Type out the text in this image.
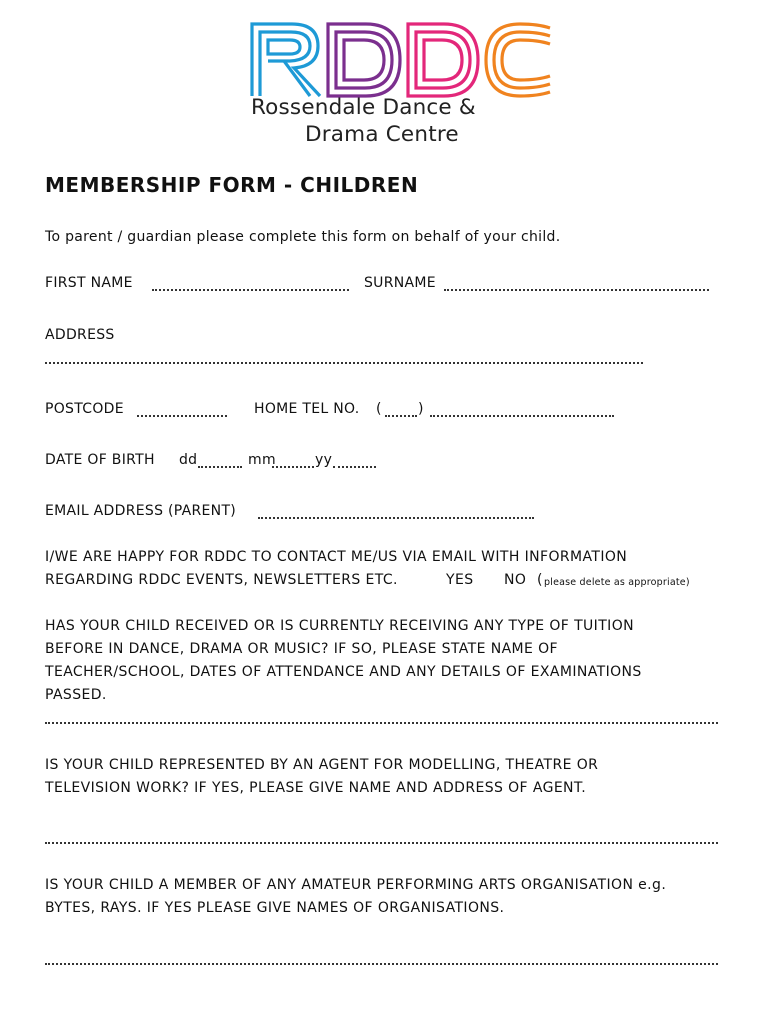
Rossendale Dance &
Drama Centre
MEMBERSHIP FORM - CHILDREN
To parent / guardian please complete this form on behalf of your child.
FIRST NAME	SURNAME
ADDRESS
POSTCODE	HOME TEL NO. (	)
DATE OF BIRTH dd	mm	yy
EMAIL ADDRESS (PARENT)
I/WE ARE HAPPY FOR RDDC TO CONTACT ME/US VIA EMAIL WITH INFORMATION
REGARDING RDDC EVENTS, NEWSLETTERS ETC.	YES NO ( please delete as appropriate)
HAS YOUR CHILD RECEIVED OR IS CURRENTLY RECEIVING ANY TYPE OF TUITION
BEFORE IN DANCE, DRAMA OR MUSIC? IF SO, PLEASE STATE NAME OF
TEACHER/SCHOOL, DATES OF ATTENDANCE AND ANY DETAILS OF EXAMINATIONS
PASSED.
IS YOUR CHILD REPRESENTED BY AN AGENT FOR MODELLING, THEATRE OR
TELEVISION WORK? IF YES, PLEASE GIVE NAME AND ADDRESS OF AGENT.
IS YOUR CHILD A MEMBER OF ANY AMATEUR PERFORMING ARTS ORGANISATION e.g.
BYTES, RAYS. IF YES PLEASE GIVE NAMES OF ORGANISATIONS.
